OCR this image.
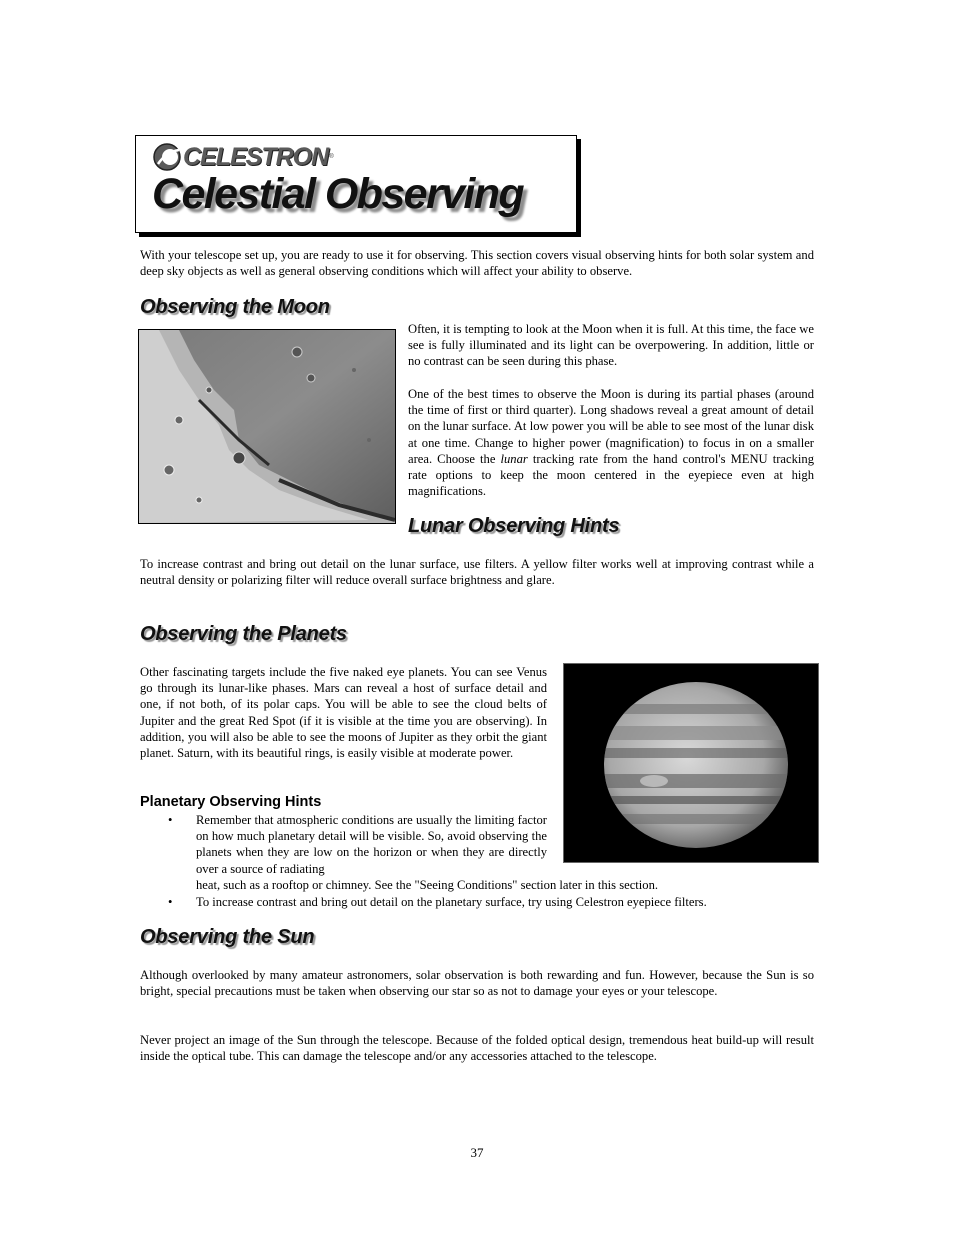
CELESTRON ®
Celestial Observing

With your telescope set up, you are ready to use it for observing. This section covers visual observing hints for both solar system and deep sky objects as well as general observing conditions which will affect your ability to observe.

Observing the Moon

Often, it is tempting to look at the Moon when it is full. At this time, the face we see is fully illuminated and its light can be overpowering. In addition, little or no contrast can be seen during this phase.

One of the best times to observe the Moon is during its partial phases (around the time of first or third quarter). Long shadows reveal a great amount of detail on the lunar surface. At low power you will be able to see most of the lunar disk at one time. Change to higher power (magnification) to focus in on a smaller area. Choose the lunar tracking rate from the hand control's MENU tracking rate options to keep the moon centered in the eyepiece even at high magnifications.

Lunar Observing Hints

To increase contrast and bring out detail on the lunar surface, use filters. A yellow filter works well at improving contrast while a neutral density or polarizing filter will reduce overall surface brightness and glare.

Observing the Planets

Other fascinating targets include the five naked eye planets. You can see Venus go through its lunar-like phases. Mars can reveal a host of surface detail and one, if not both, of its polar caps. You will be able to see the cloud belts of Jupiter and the great Red Spot (if it is visible at the time you are observing). In addition, you will also be able to see the moons of Jupiter as they orbit the giant planet. Saturn, with its beautiful rings, is easily visible at moderate power.

Planetary Observing Hints
• Remember that atmospheric conditions are usually the limiting factor on how much planetary detail will be visible. So, avoid observing the planets when they are low on the horizon or when they are directly over a source of radiating

heat, such as a rooftop or chimney. See the "Seeing Conditions" section later in this section.

• To increase contrast and bring out detail on the planetary surface, try using Celestron eyepiece filters.
Observing the Sun

Although overlooked by many amateur astronomers, solar observation is both rewarding and fun. However, because the Sun is so bright, special precautions must be taken when observing our star so as not to damage your eyes or your telescope.

Never project an image of the Sun through the telescope. Because of the folded optical design, tremendous heat build-up will result inside the optical tube. This can damage the telescope and/or any accessories attached to the telescope.

37
